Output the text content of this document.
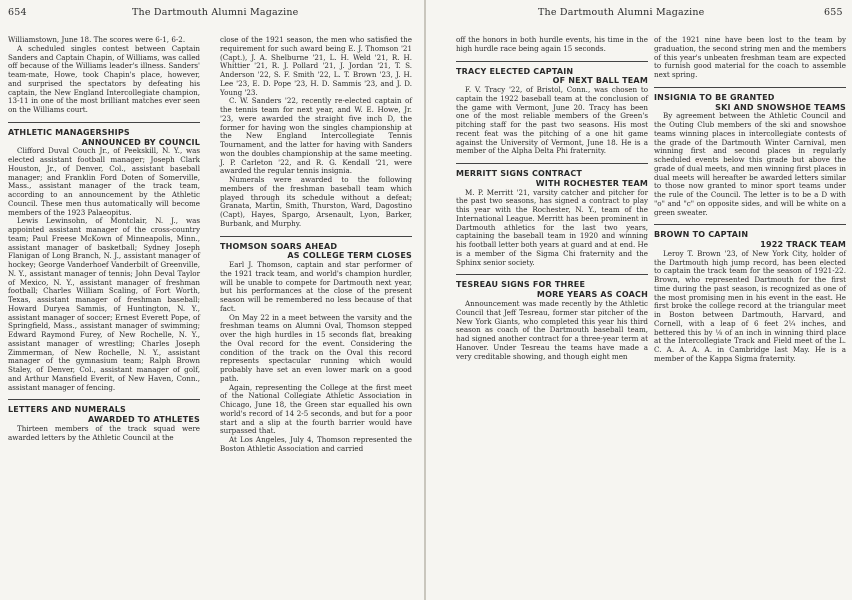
654	The Dartmouth Alumni Magazine

Williamstown, June 18. The scores were 6-1, 6-2.

A scheduled singles contest between Captain Sanders and Captain Chapin, of Williams, was called off because of the Williams leader's illness. Sanders' team-mate, Howe, took Chapin's place, however, and surprised the spectators by defeating his captain, the New England Intercollegiate champion, 13-11 in one of the most brilliant matches ever seen on the Williams court.

ATHLETIC MANAGERSHIPS
ANNOUNCED BY COUNCIL

Clifford Duval Couch Jr., of Peekskill, N. Y., was elected assistant football manager; Joseph Clark Houston, Jr., of Denver, Col., assistant baseball manager; and Franklin Ford Doten of Somerville, Mass., assistant manager of the track team, according to an announcement by the Athletic Council. These men thus automatically will become members of the 1923 Palaeopitus.

Lewis Lewinsohn, of Montclair, N. J., was appointed assistant manager of the cross-country team; Paul Freese McKown of Minneapolis, Minn., assistant manager of basketball; Sydney Joseph Flanigan of Long Branch, N. J., assistant manager of hockey; George Vanderhoef Vanderbilt of Greenville, N. Y., assistant manager of tennis; John Deval Taylor of Mexico, N. Y., assistant manager of freshman football; Charles William Scaling, of Fort Worth, Texas, assistant manager of freshman baseball; Howard Duryea Sammis, of Huntington, N. Y., assistant manager of soccer; Ernest Everett Pope, of Springfield, Mass., assistant manager of swimming; Edward Raymond Furey, of New Rochelle, N. Y., assistant manager of wrestling; Charles Joseph Zimmerman, of New Rochelle, N. Y., assistant manager of the gymnasium team; Ralph Brown Staley, of Denver, Col., assistant manager of golf, and Arthur Mansfield Everit, of New Haven, Conn., assistant manager of fencing.

LETTERS AND NUMERALS
AWARDED TO ATHLETES

Thirteen members of the track squad were awarded letters by the Athletic Council at the

close of the 1921 season, the men who satisfied the requirement for such award being E. J. Thomson '21 (Capt.), J. A. Shelburne '21, L. H. Weld '21, R. H. Whittier '21, R. J. Pollard '21, J. Jordan '21, T. S. Anderson '22, S. F. Smith '22, L. T. Brown '23, J. H. Lee '23, E. D. Pope '23, H. D. Sammis '23, and J. D. Young '23.

C. W. Sanders '22, recently re-elected captain of the tennis team for next year, and W. E. Howe, Jr. '23, were awarded the straight five inch D, the former for having won the singles championship at the New England Intercollegiate Tennis Tournament, and the latter for having with Sanders won the doubles championship at the same meeting. J. P. Carleton '22, and R. G. Kendall '21, were awarded the regular tennis insignia.

Numerals were awarded to the following members of the freshman baseball team which played through its schedule without a defeat; Granata, Martin, Smith, Thurston, Ward, Dagostino (Capt), Hayes, Spargo, Arsenault, Lyon, Barker, Burbank, and Murphy.

THOMSON SOARS AHEAD
AS COLLEGE TERM CLOSES

Earl J. Thomson, captain and star performer of the 1921 track team, and world's champion hurdler, will be unable to compete for Dartmouth next year, but his performances at the close of the present season will be remembered no less because of that fact.

On May 22 in a meet between the varsity and the freshman teams on Alumni Oval, Thomson stepped over the high hurdles in 15 seconds flat, breaking the Oval record for the event. Considering the condition of the track on the Oval this record represents spectacular running which would probably have set an even lower mark on a good path.

Again, representing the College at the first meet of the National Collegiate Athletic Association in Chicago, June 18, the Green star equalled his own world's record of 14 2-5 seconds, and but for a poor start and a slip at the fourth barrier would have surpassed that.

At Los Angeles, July 4, Thomson represented the Boston Athletic Association and carried

The Dartmouth Alumni Magazine	655

off the honors in both hurdle events, his time in the high hurdle race being again 15 seconds.

TRACY ELECTED CAPTAIN
OF NEXT BALL TEAM

F. V. Tracy '22, of Bristol, Conn., was chosen to captain the 1922 baseball team at the conclusion of the game with Vermont, June 20. Tracy has been one of the most reliable members of the Green's pitching staff for the past two seasons. His most recent feat was the pitching of a one hit game against the University of Vermont, June 18. He is a member of the Alpha Delta Phi fraternity.

MERRITT SIGNS CONTRACT
WITH ROCHESTER TEAM

M. P. Merritt '21, varsity catcher and pitcher for the past two seasons, has signed a contract to play this year with the Rochester, N. Y., team of the International League. Merritt has been prominent in Dartmouth athletics for the last two years, captaining the baseball team in 1920 and winning his football letter both years at guard and at end. He is a member of the Sigma Chi fraternity and the Sphinx senior society.

TESREAU SIGNS FOR THREE
MORE YEARS AS COACH

Announcement was made recently by the Athletic Council that Jeff Tesreau, former star pitcher of the New York Giants, who completed this year his third season as coach of the Dartmouth baseball team, had signed another contract for a three-year term at Hanover. Under Tesreau the teams have made a very creditable showing, and though eight men

of the 1921 nine have been lost to the team by graduation, the second string men and the members of this year's unbeaten freshman team are expected to furnish good material for the coach to assemble next spring.

INSIGNIA TO BE GRANTED
SKI AND SNOWSHOE TEAMS

By agreement between the Athletic Council and the Outing Club members of the ski and snowshoe teams winning places in intercollegiate contests of the grade of the Dartmouth Winter Carnival, men winning first and second places in regularly scheduled events below this grade but above the grade of dual meets, and men winning first places in dual meets will hereafter be awarded letters similar to those now granted to minor sport teams under the rule of the Council. The letter is to be a D with "o" and "c" on opposite sides, and will be white on a green sweater.

BROWN TO CAPTAIN
1922 TRACK TEAM

Leroy T. Brown '23, of New York City, holder of the Dartmouth high jump record, has been elected to captain the track team for the season of 1921-22. Brown, who represented Dartmouth for the first time during the past season, is recognized as one of the most promising men in his event in the east. He first broke the college record at the triangular meet in Boston between Dartmouth, Harvard, and Cornell, with a leap of 6 feet 2¼ inches, and bettered this by ⅛ of an inch in winning third place at the Intercollegiate Track and Field meet of the L. C. A. A. A. A. in Cambridge last May. He is a member of the Kappa Sigma fraternity.
